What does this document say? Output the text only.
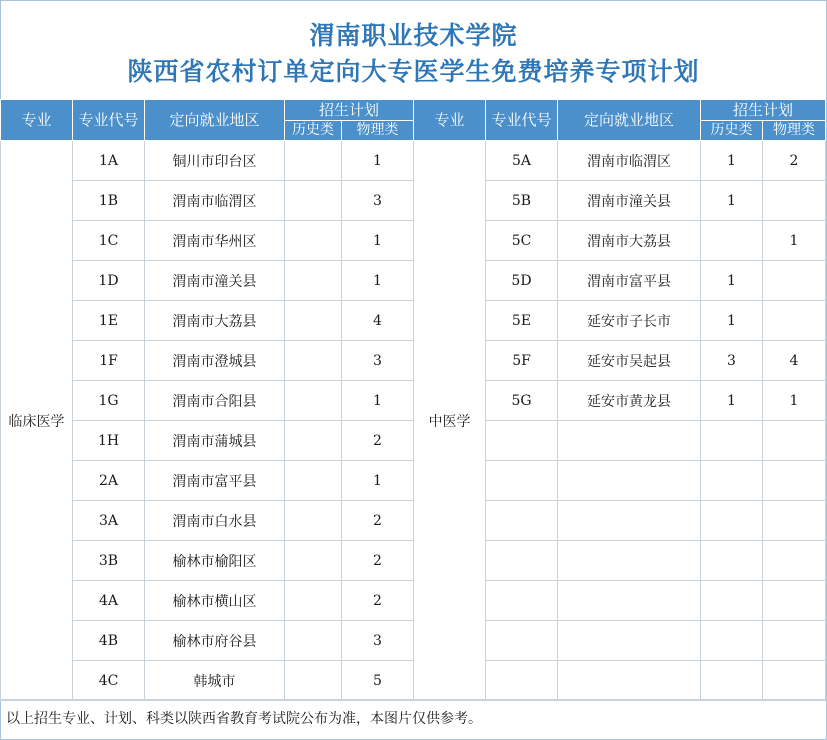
渭南职业技术学院
陕西省农村订单定向大专医学生免费培养专项计划
专业	专业代号	定向就业地区	招生计划		专业	专业代号	定向就业地区	招生计划	
			历史类	物理类				历史类	物理类
临床医学	1A	铜川市印台区		1	中医学	5A	渭南市临渭区	1	2
	1B	渭南市临渭区		3		5B	渭南市潼关县	1	
	1C	渭南市华州区		1		5C	渭南市大荔县		1
	1D	渭南市潼关县		1		5D	渭南市富平县	1	
	1E	渭南市大荔县		4		5E	延安市子长市	1	
	1F	渭南市澄城县		3		5F	延安市吴起县	3	4
	1G	渭南市合阳县		1		5G	延安市黄龙县	1	1
	1H	渭南市蒲城县		2					
	2A	渭南市富平县		1					
	3A	渭南市白水县		2					
	3B	榆林市榆阳区		2					
	4A	榆林市横山区		2					
	4B	榆林市府谷县		3					
	4C	韩城市		5					
以上招生专业、计划、科类以陕西省教育考试院公布为准，本图片仅供参考。
